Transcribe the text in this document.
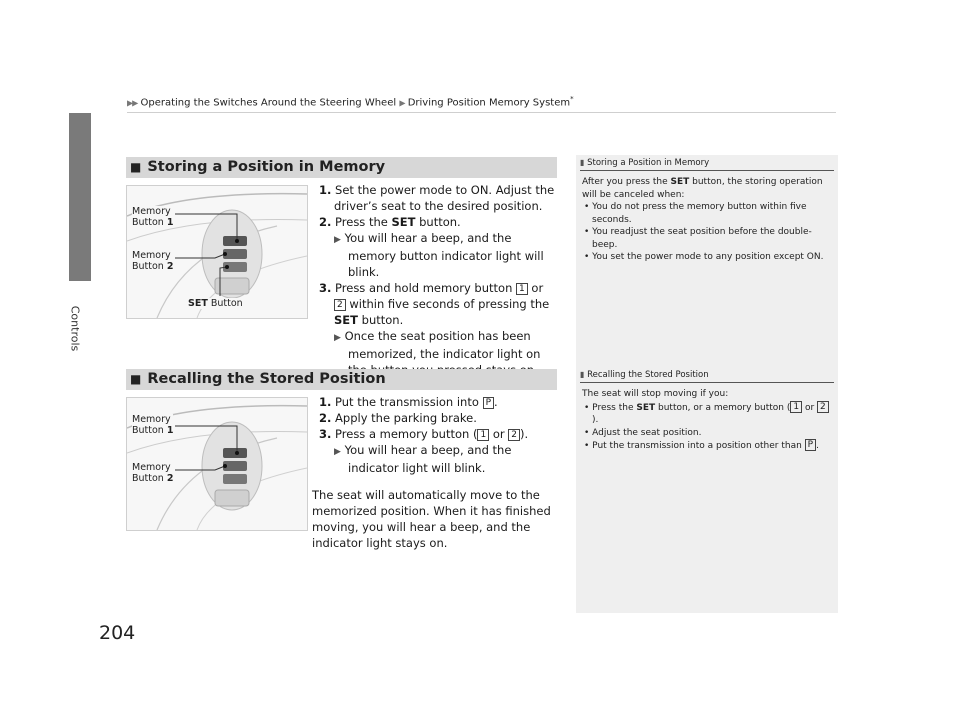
▶▶ Operating the Switches Around the Steering Wheel ▶ Driving Position Memory System*
Controls
204
■ Storing a Position in Memory
Memory
Button 1
Memory
Button 2
SET Button
1. Set the power mode to ON. Adjust the driver’s seat to the desired position.
2. Press the SET button.
▶ You will hear a beep, and the memory button indicator light will blink.
3. Press and hold memory button 1 or 2 within five seconds of pressing the SET button.
▶ Once the seat position has been memorized, the indicator light on
▮ Storing a Position in Memory
After you press the SET button, the storing operation will be canceled when:
• You do not press the memory button within five seconds.
• You readjust the seat position before the double-beep.
• You set the power mode to any position except ON.
■ Recalling the Stored Position
Memory
Button 1
Memory
Button 2
1. Put the transmission into P .
2. Apply the parking brake.
3. Press a memory button ( 1 or 2 ).
▶ You will hear a beep, and the indicator light will blink.
The seat will automatically move to the memorized position. When it has finished moving, you will hear a beep, and the indicator light stays on.
▮ Recalling the Stored Position
The seat will stop moving if you:
• Press the SET button, or a memory button ( 1 or 2).
• Adjust the seat position.
• Put the transmission into a position other than P .
